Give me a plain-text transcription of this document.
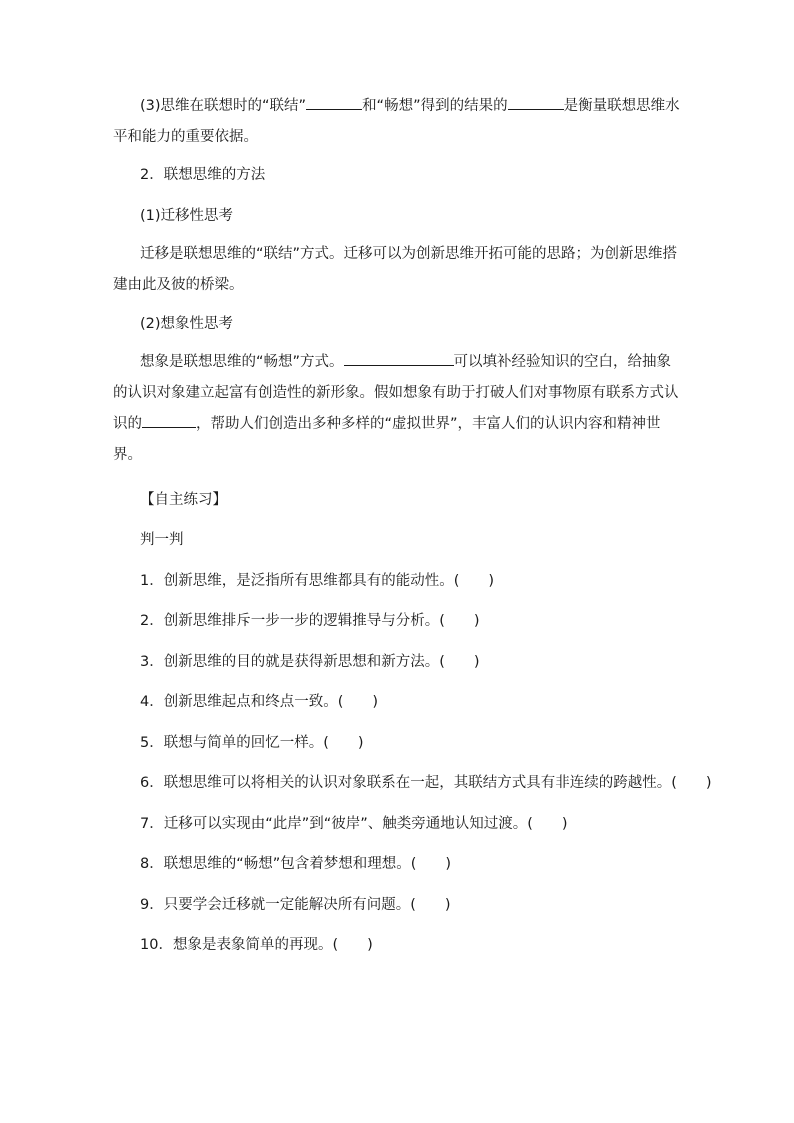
(3)思维在联想时的“联结”	和“畅想”得到的结果的	是衡量联想思维水平和能力的重要依据。
2．联想思维的方法
(1)迁移性思考
迁移是联想思维的“联结”方式。迁移可以为创新思维开拓可能的思路；为创新思维搭建由此及彼的桥梁。
(2)想象性思考
想象是联想思维的“畅想”方式。	可以填补经验知识的空白，给抽象的认识对象建立起富有创造性的新形象。假如想象有助于打破人们对事物原有联系方式认识的	，帮助人们创造出多种多样的“虚拟世界”，丰富人们的认识内容和精神世界。
【自主练习】
判一判
1．创新思维，是泛指所有思维都具有的能动性。(　　)
2．创新思维排斥一步一步的逻辑推导与分析。(　　)
3．创新思维的目的就是获得新思想和新方法。(　　)
4．创新思维起点和终点一致。(　　)
5．联想与简单的回忆一样。(　　)
6．联想思维可以将相关的认识对象联系在一起，其联结方式具有非连续的跨越性。(　　)
7．迁移可以实现由“此岸”到“彼岸”、触类旁通地认知过渡。(　　)
8．联想思维的“畅想”包含着梦想和理想。(　　)
9．只要学会迁移就一定能解决所有问题。(　　)
10．想象是表象简单的再现。(　　)
